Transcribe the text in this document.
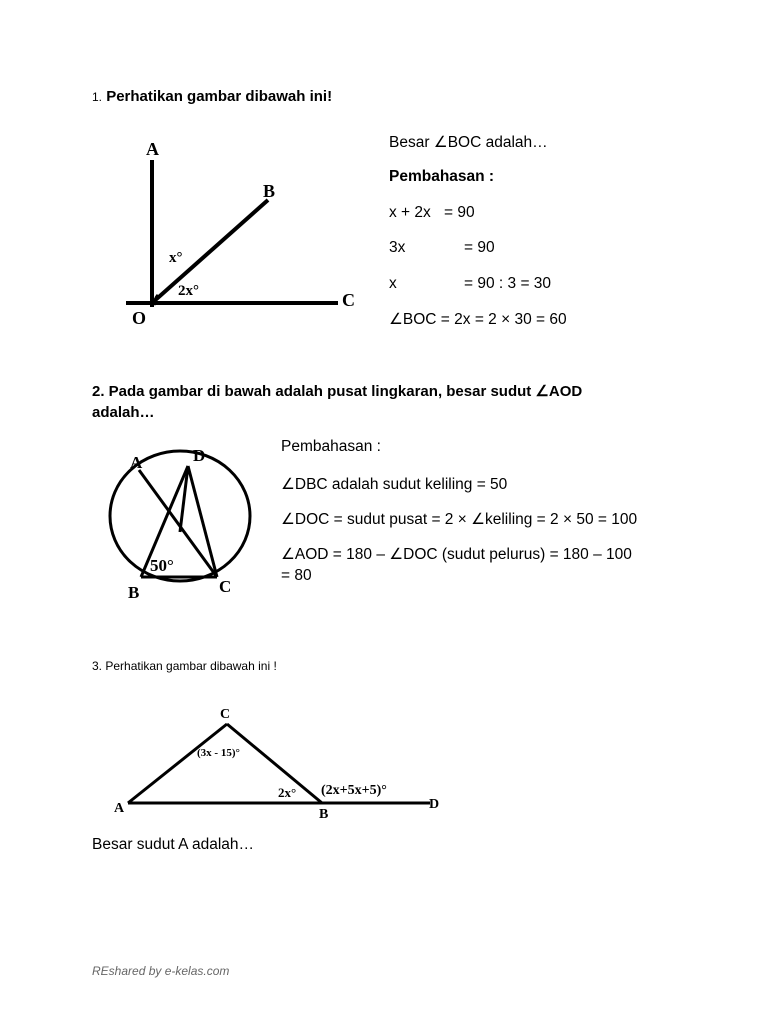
1. Perhatikan gambar dibawah ini!
A
B
C
O
x°
2x°
Besar ∠BOC adalah…
Pembahasan :
x + 2x = 90
3x	= 90
x	= 90 : 3 = 30
∠BOC = 2x = 2 × 30 = 60
2. Pada gambar di bawah adalah pusat lingkaran, besar sudut ∠AOD
adalah…
A	D
B	C
50°
Pembahasan :
∠DBC adalah sudut keliling = 50
∠DOC = sudut pusat = 2 × ∠keliling = 2 × 50 = 100
∠AOD = 180 – ∠DOC (sudut pelurus) = 180 – 100
= 80
3. Perhatikan gambar dibawah ini !
C
A	B
D
(3x - 15)°
2x° (2x+5x+5)°
Besar sudut A adalah…
REshared by e-kelas.com
